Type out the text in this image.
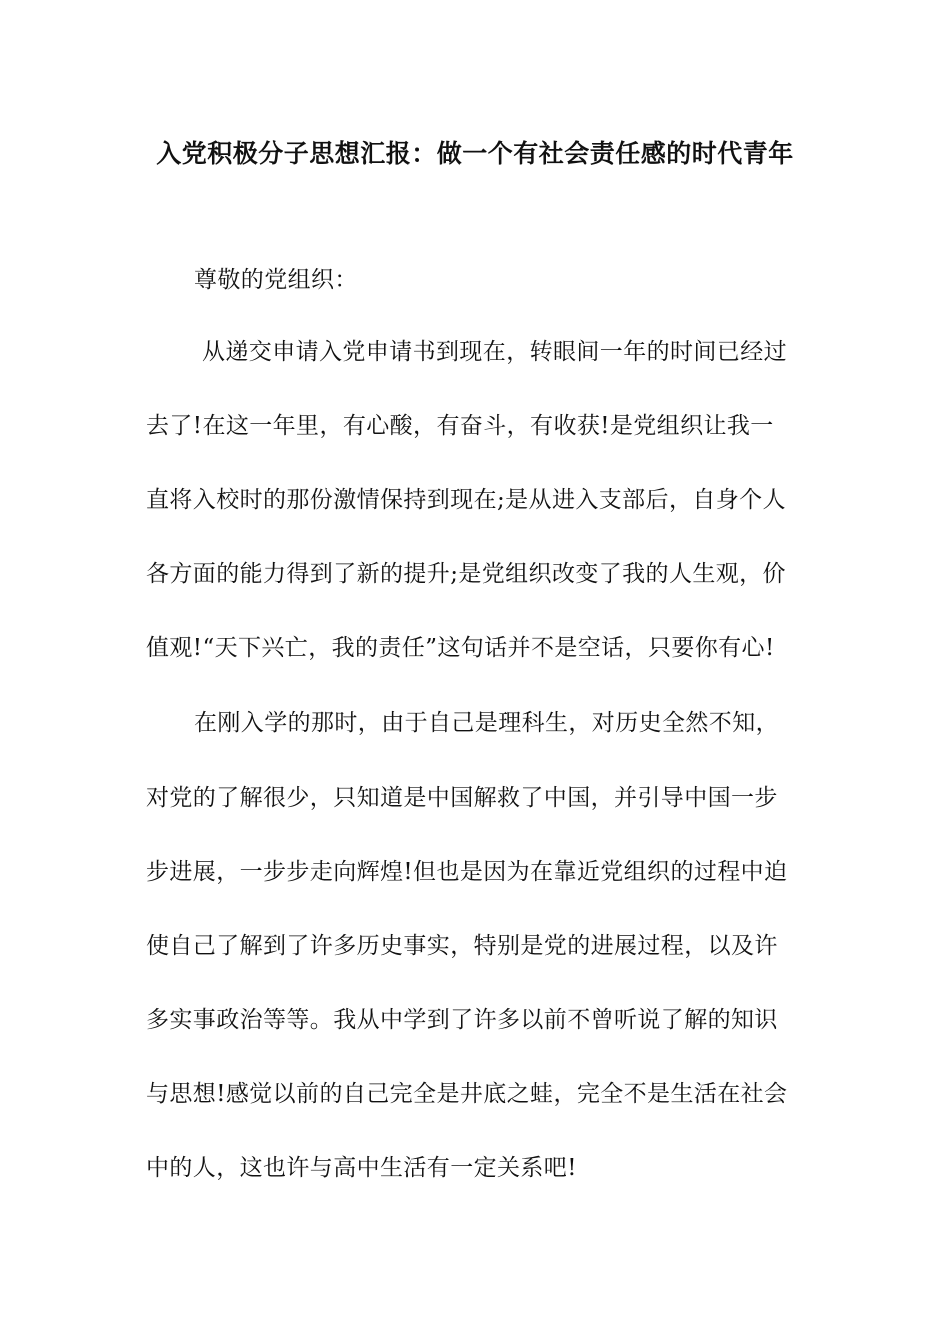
入党积极分子思想汇报：做一个有社会责任感的时代青年
尊敬的党组织：
从递交申请入党申请书到现在，转眼间一年的时间已经过
去了!在这一年里，有心酸，有奋斗，有收获!是党组织让我一
直将入校时的那份激情保持到现在;是从进入支部后，自身个人
各方面的能力得到了新的提升;是党组织改变了我的人生观，价
值观!“天下兴亡，我的责任”这句话并不是空话，只要你有心!
在刚入学的那时，由于自己是理科生，对历史全然不知，
对党的了解很少，只知道是中国解救了中国，并引导中国一步
步进展，一步步走向辉煌!但也是因为在靠近党组织的过程中迫
使自己了解到了许多历史事实，特别是党的进展过程，以及许
多实事政治等等。我从中学到了许多以前不曾听说了解的知识
与思想!感觉以前的自己完全是井底之蛙，完全不是生活在社会
中的人，这也许与高中生活有一定关系吧!
